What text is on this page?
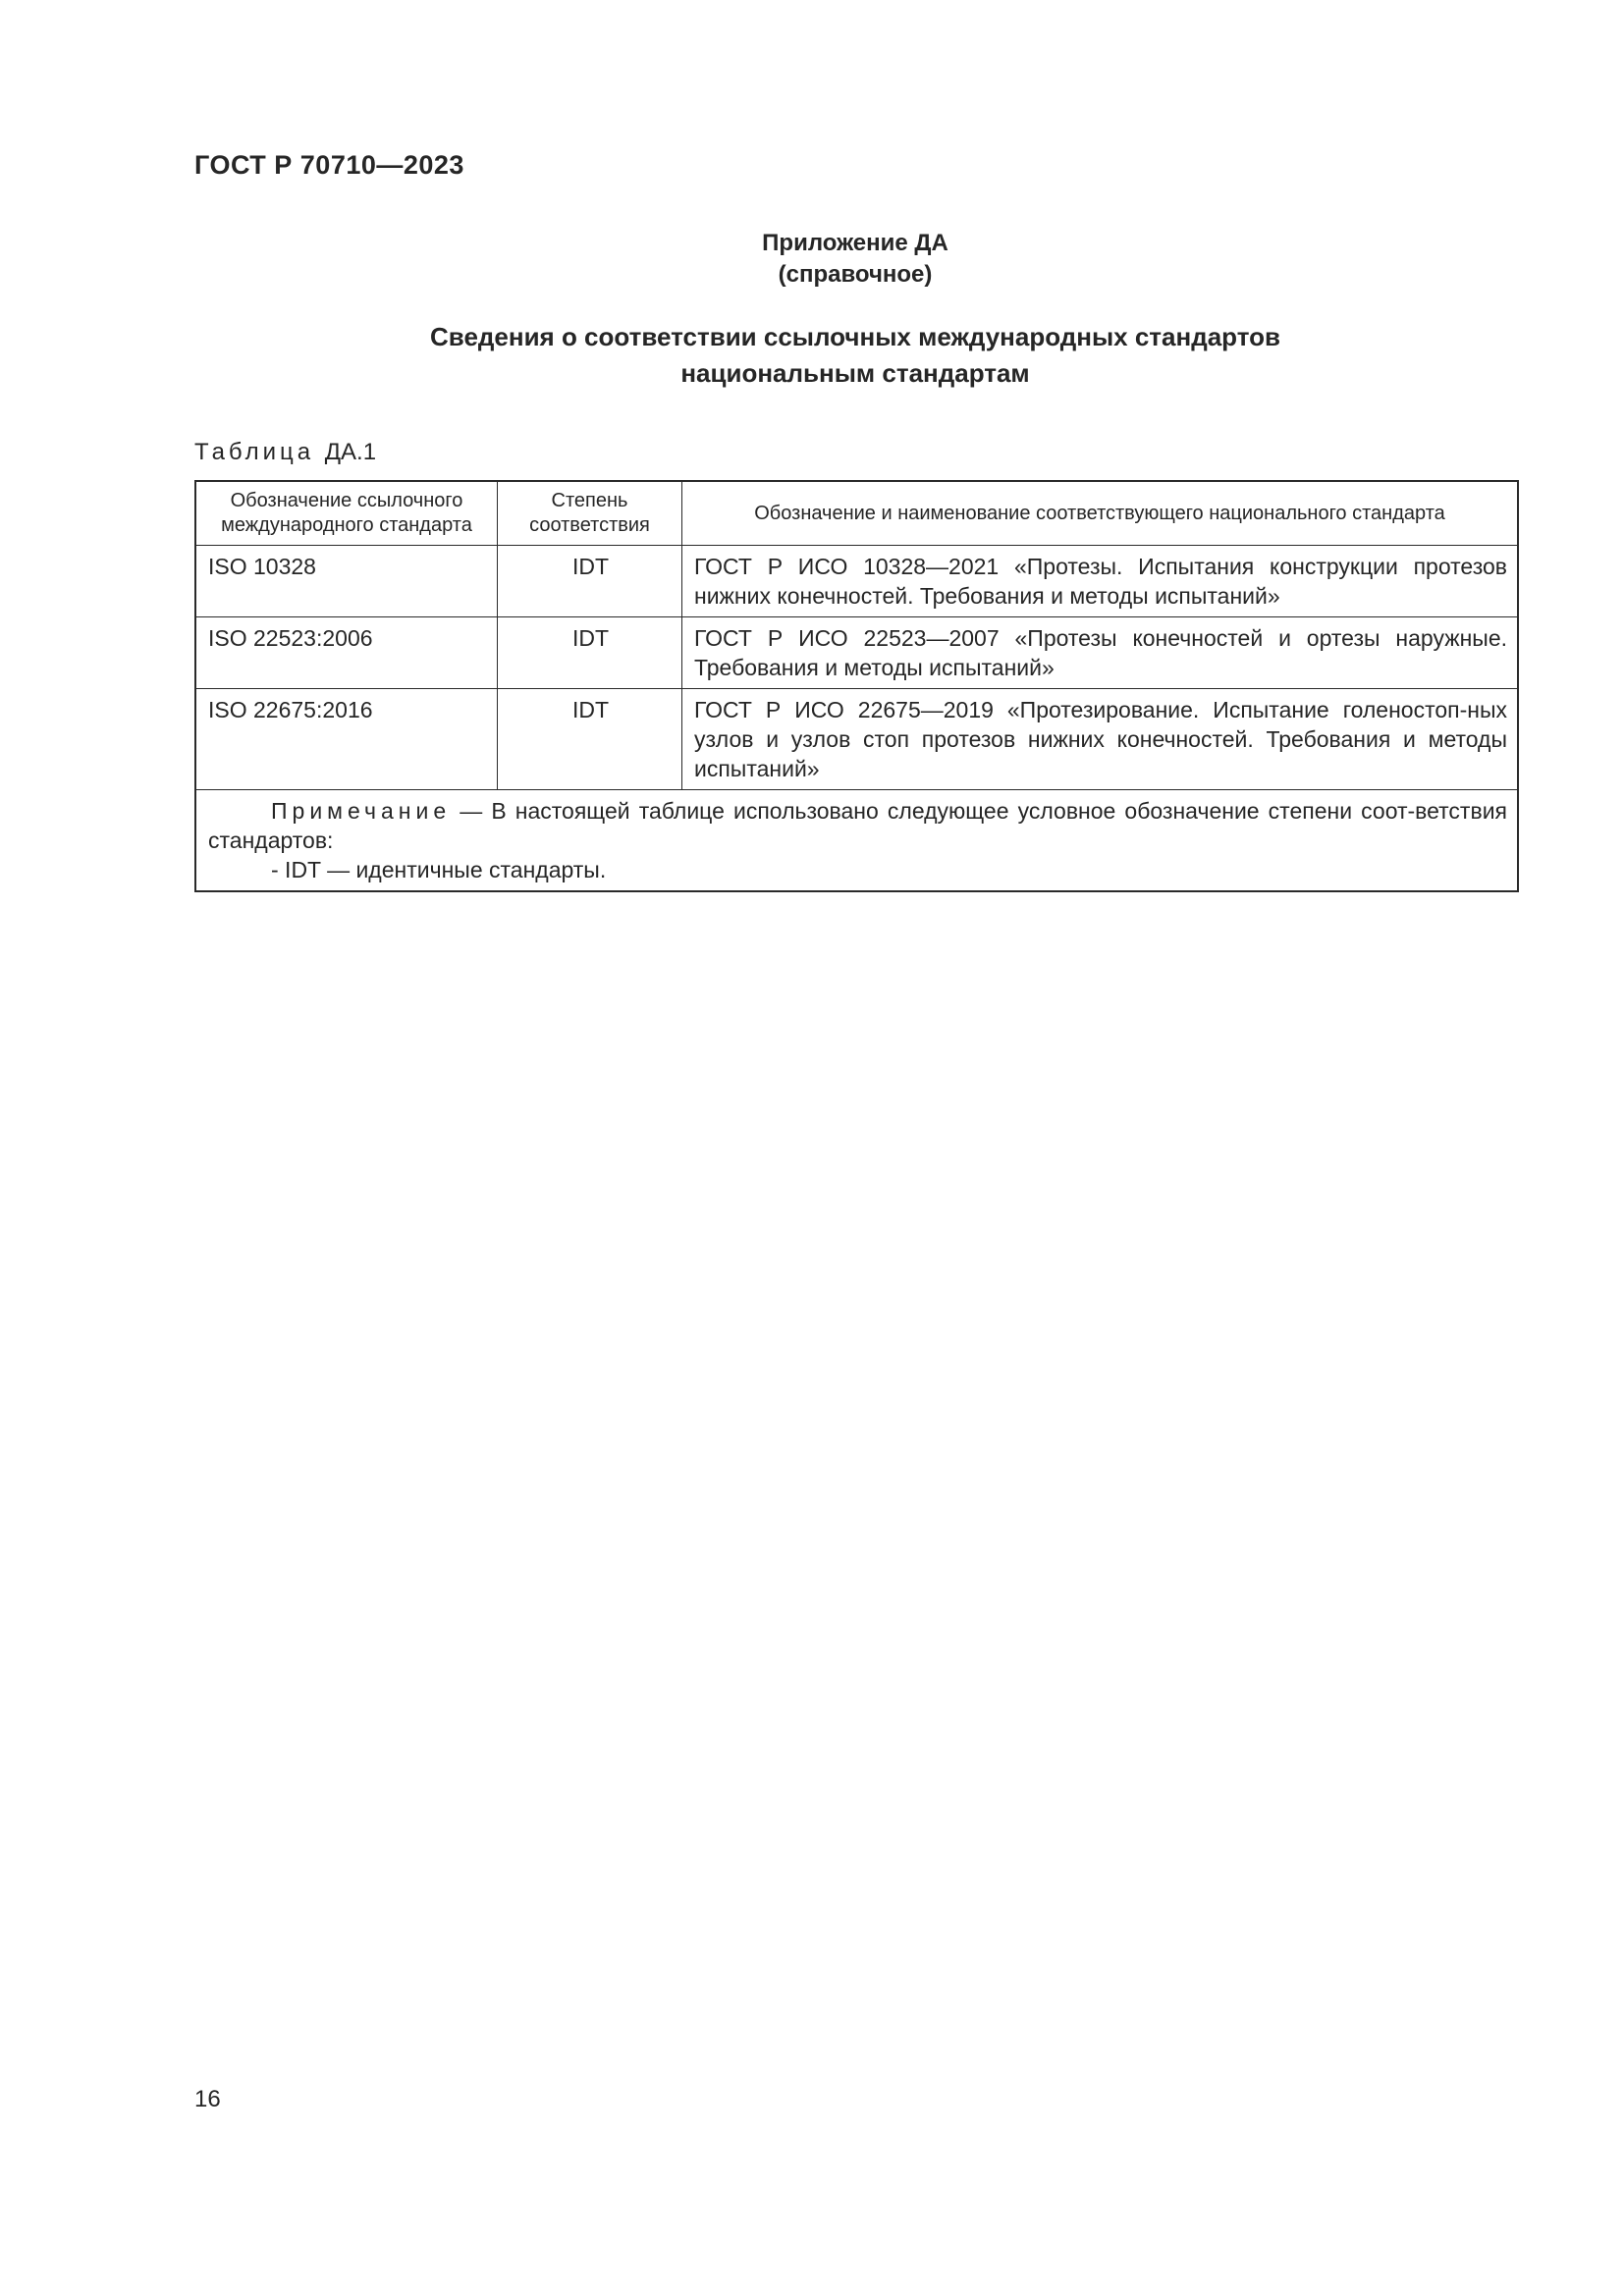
ГОСТ Р 70710—2023
Приложение ДА
(справочное)
Сведения о соответствии ссылочных международных стандартов
национальным стандартам
Таблица ДА.1
Обозначение ссылочного международного стандарта	Степень соответствия	Обозначение и наименование соответствующего национального стандарта
ISO 10328	IDT	ГОСТ Р ИСО 10328—2021 «Протезы. Испытания конструкции протезов нижних конечностей. Требования и методы испытаний»
ISO 22523:2006	IDT	ГОСТ Р ИСО 22523—2007 «Протезы конечностей и ортезы наружные. Требования и методы испытаний»
ISO 22675:2016	IDT	ГОСТ Р ИСО 22675—2019 «Протезирование. Испытание голеностоп-ных узлов и узлов стоп протезов нижних конечностей. Требования и методы испытаний»
Примечание — В настоящей таблице использовано следующее условное обозначение степени соот-ветствия стандартов:
- IDT — идентичные стандарты.		
16
